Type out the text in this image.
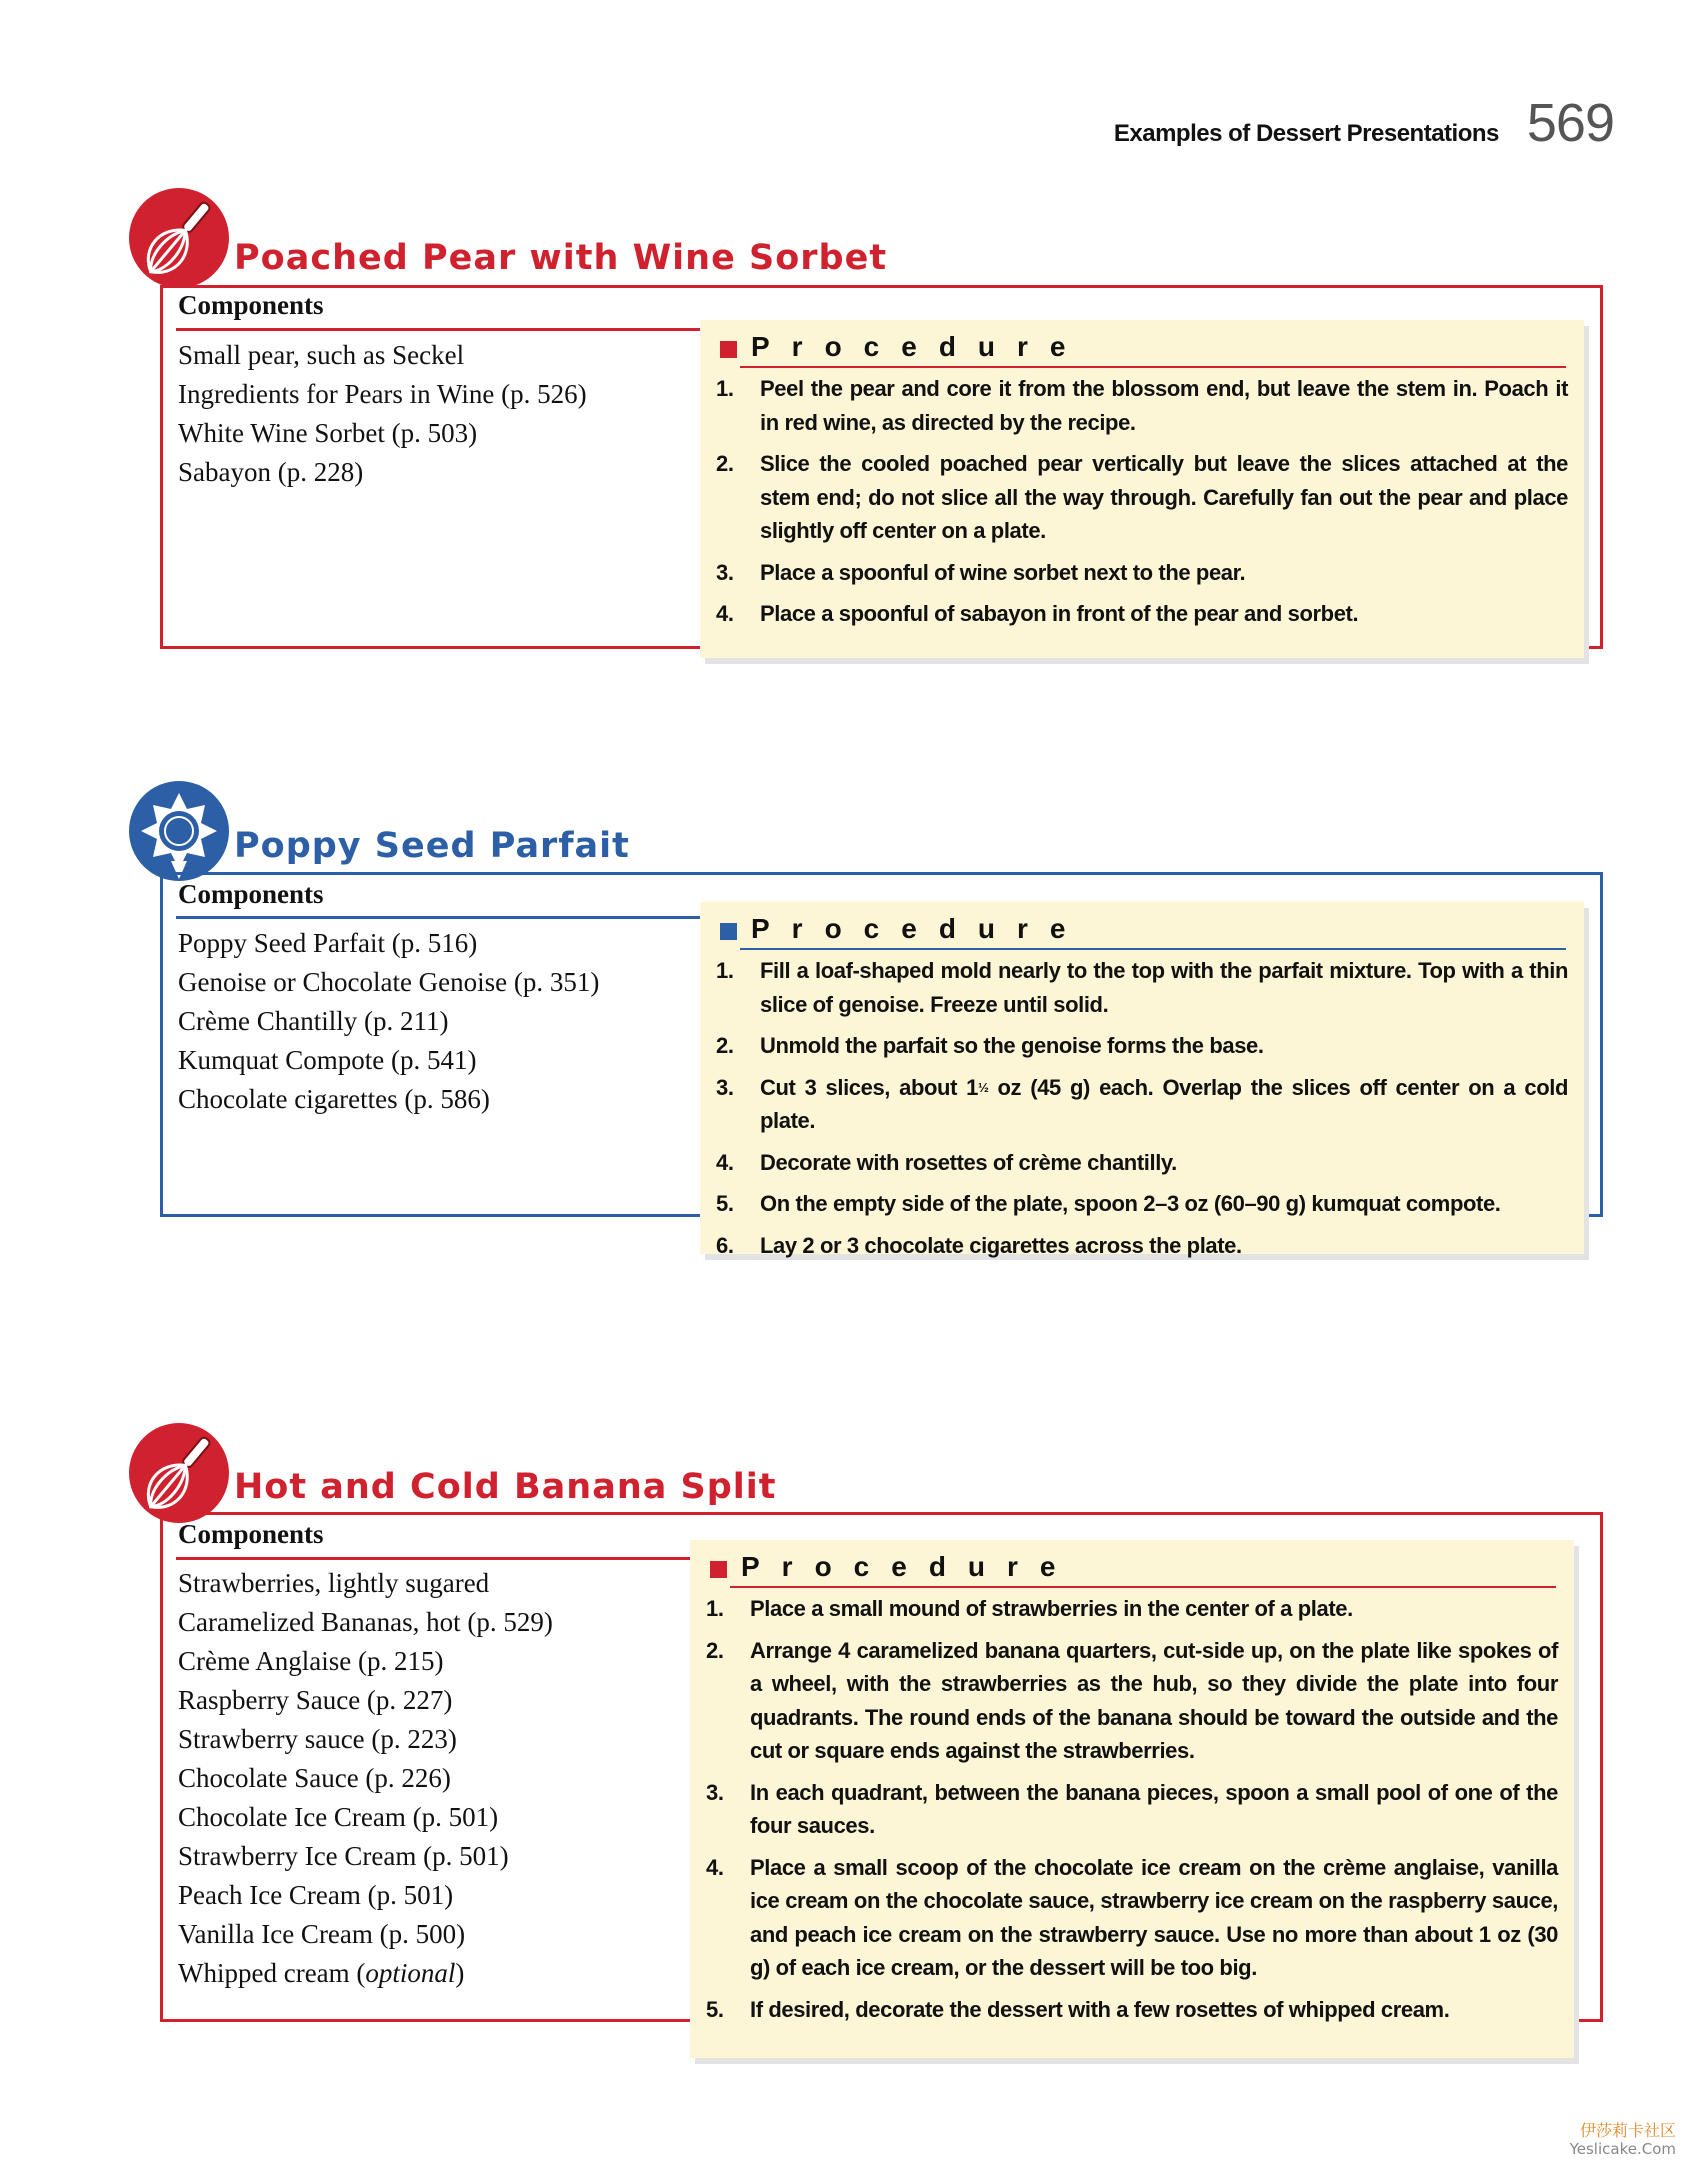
Examples of Dessert Presentations 569
Poached Pear with Wine Sorbet
Components
Small pear, such as Seckel
Ingredients for Pears in Wine (p. 526)
White Wine Sorbet (p. 503)
Sabayon (p. 228)
Procedure
1.	Peel the pear and core it from the blossom end, but leave the stem in. Poach it in red wine, as directed by the recipe.
2.	Slice the cooled poached pear vertically but leave the slices attached at the stem end; do not slice all the way through. Carefully fan out the pear and place slightly off center on a plate.
3.	Place a spoonful of wine sorbet next to the pear.
4.	Place a spoonful of sabayon in front of the pear and sorbet.
Poppy Seed Parfait
Components
Poppy Seed Parfait (p. 516)
Genoise or Chocolate Genoise (p. 351)
Crème Chantilly (p. 211)
Kumquat Compote (p. 541)
Chocolate cigarettes (p. 586)
Procedure
1.	Fill a loaf-shaped mold nearly to the top with the parfait mixture. Top with a thin slice of genoise. Freeze until solid.
2.	Unmold the parfait so the genoise forms the base.
3.	Cut 3 slices, about $1^{\frac{1}{2}}$ oz (45 g) each. Overlap the slices off center on a cold plate.
4.	Decorate with rosettes of crème chantilly.
5.	On the empty side of the plate, spoon 2–3 oz (60–90 g) kumquat compote.
6.	Lay 2 or 3 chocolate cigarettes across the plate.
Hot and Cold Banana Split
Components
Strawberries, lightly sugared
Caramelized Bananas, hot (p. 529)
Crème Anglaise (p. 215)
Raspberry Sauce (p. 227)
Strawberry sauce (p. 223)
Chocolate Sauce (p. 226)
Chocolate Ice Cream (p. 501)
Strawberry Ice Cream (p. 501)
Peach Ice Cream (p. 501)
Vanilla Ice Cream (p. 500)
Whipped cream (optional)
Procedure
1.	Place a small mound of strawberries in the center of a plate.
2.	Arrange 4 caramelized banana quarters, cut-side up, on the plate like spokes of a wheel, with the strawberries as the hub, so they divide the plate into four quadrants. The round ends of the banana should be toward the outside and the cut or square ends against the strawberries.
3.	In each quadrant, between the banana pieces, spoon a small pool of one of the four sauces.
4.	Place a small scoop of the chocolate ice cream on the crème anglaise, vanilla ice cream on the chocolate sauce, strawberry ice cream on the raspberry sauce, and peach ice cream on the strawberry sauce. Use no more than about 1 oz (30 g) of each ice cream, or the dessert will be too big.
5.	If desired, decorate the dessert with a few rosettes of whipped cream.
伊莎莉卡社区
Yeslicake.Com
